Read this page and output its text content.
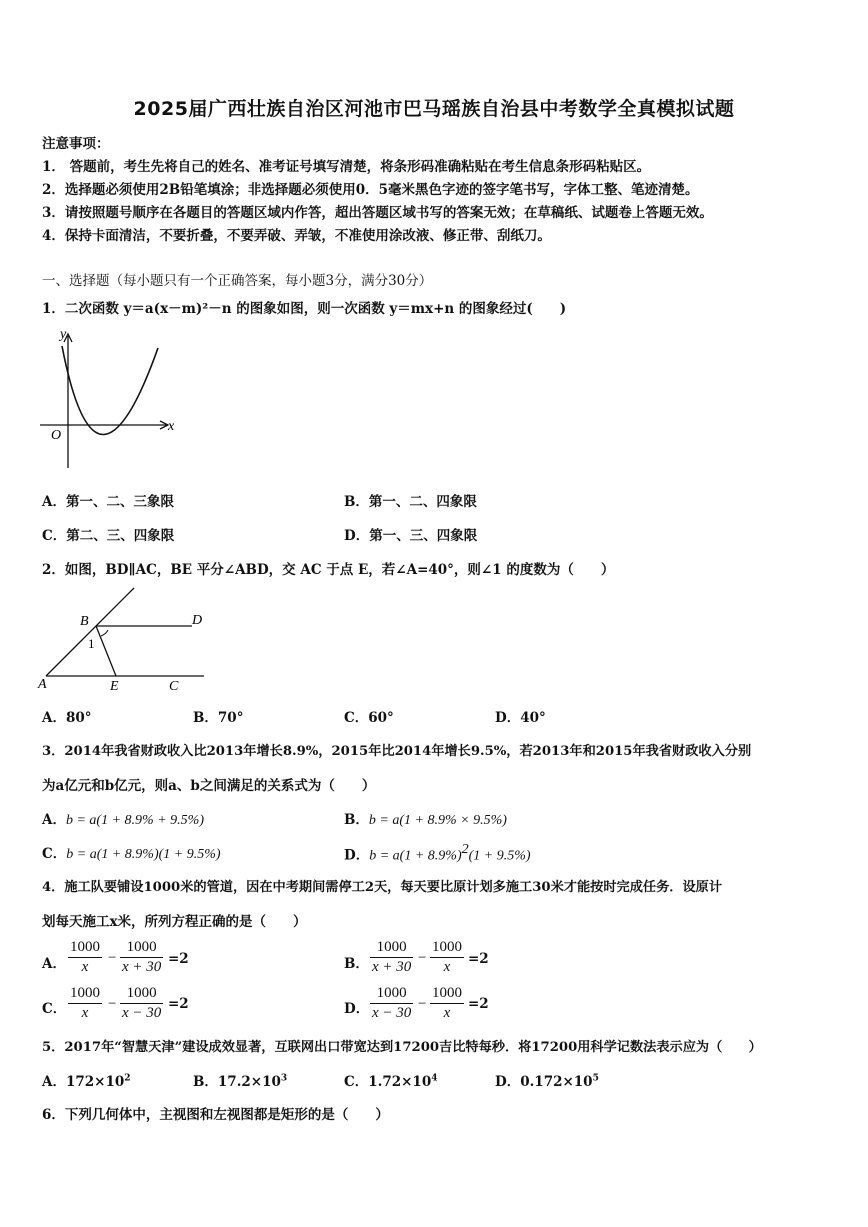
2025届广西壮族自治区河池市巴马瑶族自治县中考数学全真模拟试题
注意事项：
1． 答题前，考生先将自己的姓名、准考证号填写清楚，将条形码准确粘贴在考生信息条形码粘贴区。
2．选择题必须使用2B铅笔填涂；非选择题必须使用0．5毫米黑色字迹的签字笔书写，字体工整、笔迹清楚。
3．请按照题号顺序在各题目的答题区域内作答，超出答题区域书写的答案无效；在草稿纸、试题卷上答题无效。
4．保持卡面清洁，不要折叠，不要弄破、弄皱，不准使用涂改液、修正带、刮纸刀。
一、选择题（每小题只有一个正确答案，每小题3分，满分30分）
1．二次函数 y＝a(x－m)²－n 的图象如图，则一次函数 y＝mx+n 的图象经过(　　)
y
x
O
A．第一、二、三象限	B．第一、二、四象限
C．第二、三、四象限	D．第一、三、四象限
2．如图，BD∥AC，BE 平分∠ABD，交 AC 于点 E，若∠A=40°，则∠1 的度数为（　　）
B	D
A	E	C
1
A．80°	B．70°	C．60°	D．40°
3．2014年我省财政收入比2013年增长8.9%，2015年比2014年增长9.5%，若2013年和2015年我省财政收入分别
为a亿元和b亿元，则a、b之间满足的关系式为（　　）
A．b = a(1 + 8.9% + 9.5%)	B．b = a(1 + 8.9% × 9.5%)
C．b = a(1 + 8.9%)(1 + 9.5%)	D．$b = a(1 + 8.9\%)^2(1 + 9.5\%)$
4．施工队要铺设1000米的管道，因在中考期间需停工2天，每天要比原计划多施工30米才能按时完成任务．设原计
划每天施工x米，所列方程正确的是（　　）
A． $\frac{1000}{x} - \frac{1000}{x + 30} =2$	B． $\frac{1000}{x + 30} - \frac{1000}{x} =2$
C． $\frac{1000}{x} - \frac{1000}{x - 30} =2$	D． $\frac{1000}{x - 30} - \frac{1000}{x} =2$
5．2017年“智慧天津”建设成效显著，互联网出口带宽达到17200吉比特每秒．将17200用科学记数法表示应为（　　）
A．$172\times 10^2$	B．$17.2\times 10^3$	C．$1.72\times 10^4$	D．$0.172\times 10^5$
6．下列几何体中，主视图和左视图都是矩形的是（　　）
